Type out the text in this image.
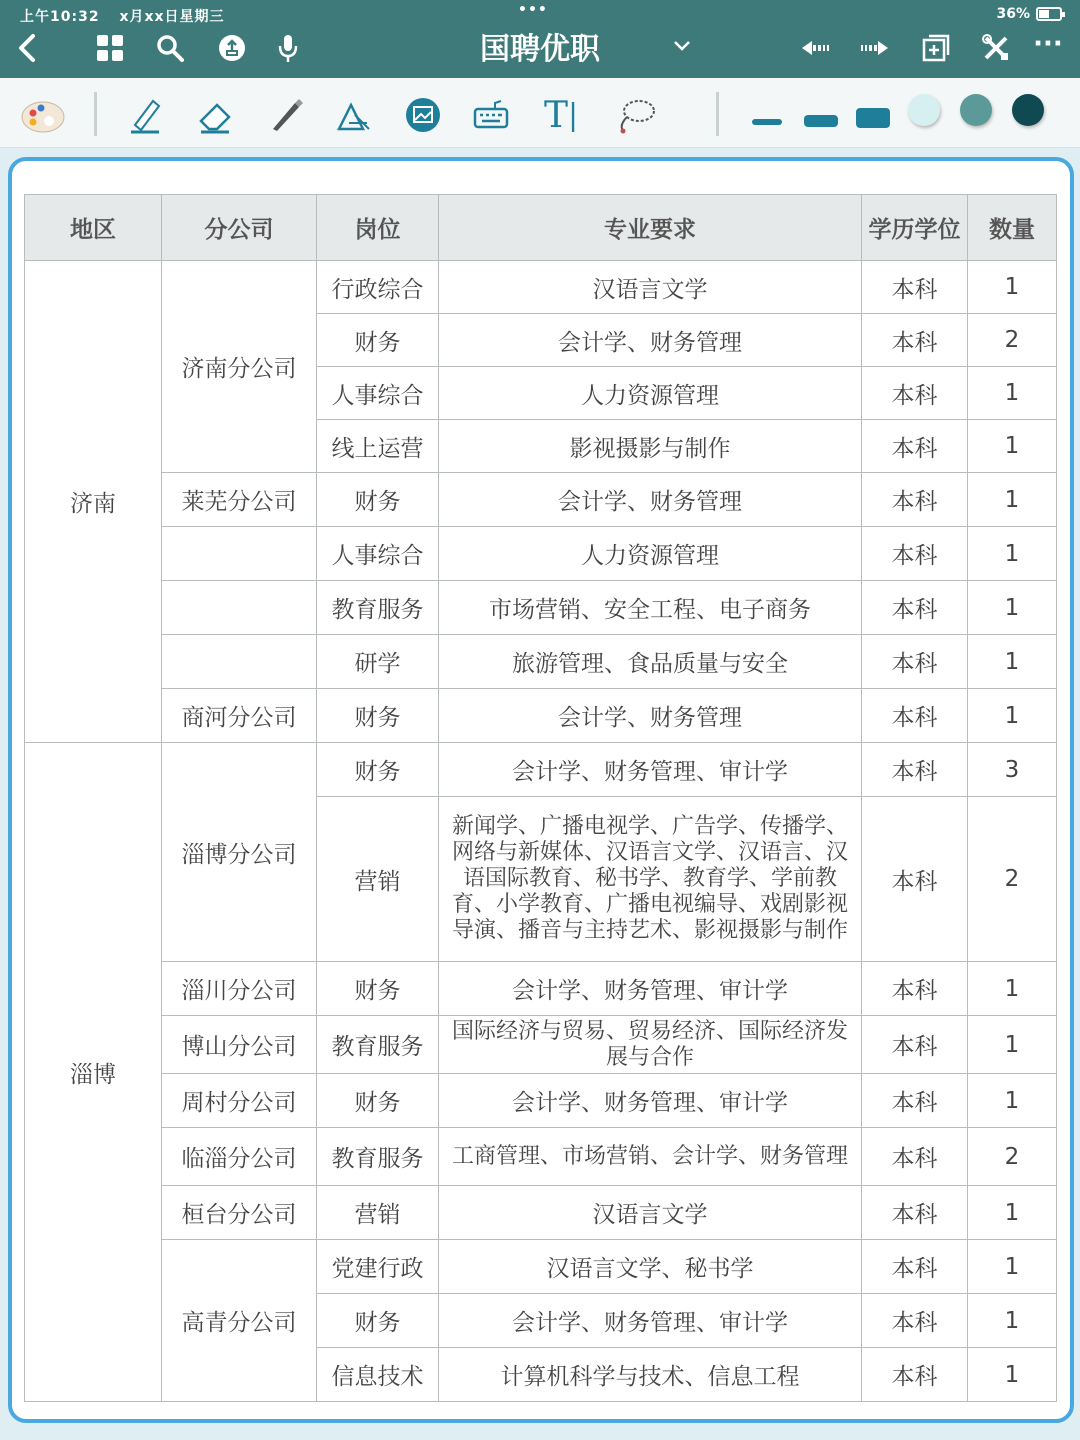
上午10:32 x月xx日星期三	•••	36%
国聘优职	···
T |
地区	分公司	岗位	专业要求	学历学位	数量
济南	济南分公司	行政综合	汉语言文学	本科	1
		财务	会计学、财务管理	本科	2
		人事综合	人力资源管理	本科	1
		线上运营	影视摄影与制作	本科	1
	莱芜分公司	财务	会计学、财务管理	本科	1
		人事综合	人力资源管理	本科	1
		教育服务	市场营销、安全工程、电子商务	本科	1
		研学	旅游管理、食品质量与安全	本科	1
	商河分公司	财务	会计学、财务管理	本科	1
淄博	淄博分公司	财务	会计学、财务管理、审计学	本科	3
		营销	新闻学、广播电视学、广告学、传播学、网络与新媒体、汉语言文学、汉语言、汉语国际教育、秘书学、教育学、学前教育、小学教育、广播电视编导、戏剧影视导演、播音与主持艺术、影视摄影与制作	本科	2
	淄川分公司	财务	会计学、财务管理、审计学	本科	1
	博山分公司	教育服务	国际经济与贸易、贸易经济、国际经济发 展与合作	本科	1
	周村分公司	财务	会计学、财务管理、审计学	本科	1
	临淄分公司	教育服务	工商管理、市场营销、会计学、财务管理	本科	2
	桓台分公司	营销	汉语言文学	本科	1
	高青分公司	党建行政	汉语言文学、秘书学	本科	1
		财务	会计学、财务管理、审计学	本科	1
		信息技术	计算机科学与技术、信息工程	本科	1
